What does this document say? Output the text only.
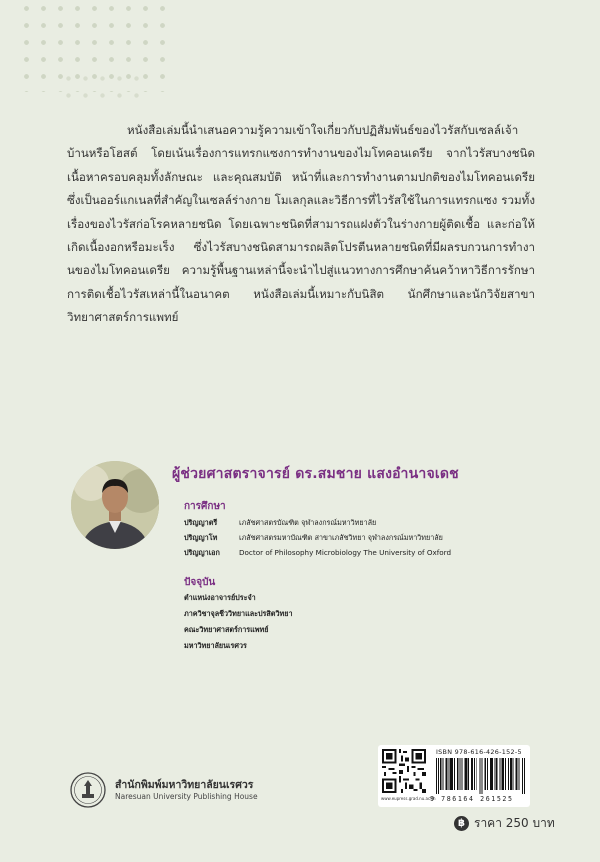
หนังสือเล่มนี้นำเสนอความรู้ความเข้าใจเกี่ยวกับปฏิสัมพันธ์ของไวรัสกับเซลล์เจ้าบ้านหรือโฮสต์ โดยเน้นเรื่องการแทรกแซงการทำงานของไมโทคอนเดรีย จากไวรัสบางชนิด เนื้อหาครอบคลุมทั้งลักษณะ และคุณสมบัติ หน้าที่และการทำงานตามปกติของไมโทคอนเดรียซึ่งเป็นออร์แกเนลที่สำคัญในเซลล์ร่างกาย โมเลกุลและวิธีการที่ไวรัสใช้ในการแทรกแซง รวมทั้งเรื่องของไวรัสก่อโรคหลายชนิด โดยเฉพาะชนิดที่สามารถแฝงตัวในร่างกายผู้ติดเชื้อ และก่อให้เกิดเนื้องอกหรือมะเร็ง ซึ่งไวรัสบางชนิดสามารถผลิตโปรตีนหลายชนิดที่มีผลรบกวนการทำงานของไมโทคอนเดรีย ความรู้พื้นฐานเหล่านี้จะนำไปสู่แนวทางการศึกษาค้นคว้าหาวิธีการรักษาการติดเชื้อไวรัสเหล่านี้ในอนาคต หนังสือเล่มนี้เหมาะกับนิสิต นักศึกษาและนักวิจัยสาขาวิทยาศาสตร์การแพทย์

ผู้ช่วยศาสตราจารย์ ดร.สมชาย แสงอำนาจเดช
การศึกษา
ปริญญาตรี	เภสัชศาสตรบัณฑิต จุฬาลงกรณ์มหาวิทยาลัย
ปริญญาโท	เภสัชศาสตรมหาบัณฑิต สาขาเภสัชวิทยา จุฬาลงกรณ์มหาวิทยาลัย
ปริญญาเอก	Doctor of Philosophy Microbiology The University of Oxford
ปัจจุบัน
ตำแหน่งอาจารย์ประจำ
ภาควิชาจุลชีววิทยาและปรสิตวิทยา
คณะวิทยาศาสตร์การแพทย์
มหาวิทยาลัยนเรศวร
สำนักพิมพ์มหาวิทยาลัยนเรศวร
Naresuan University Publishing House	www.eupress.grad.nu.ac.th
ISBN 978-616-426-152-5
9 786164 261525
฿ ราคา 250 บาท
